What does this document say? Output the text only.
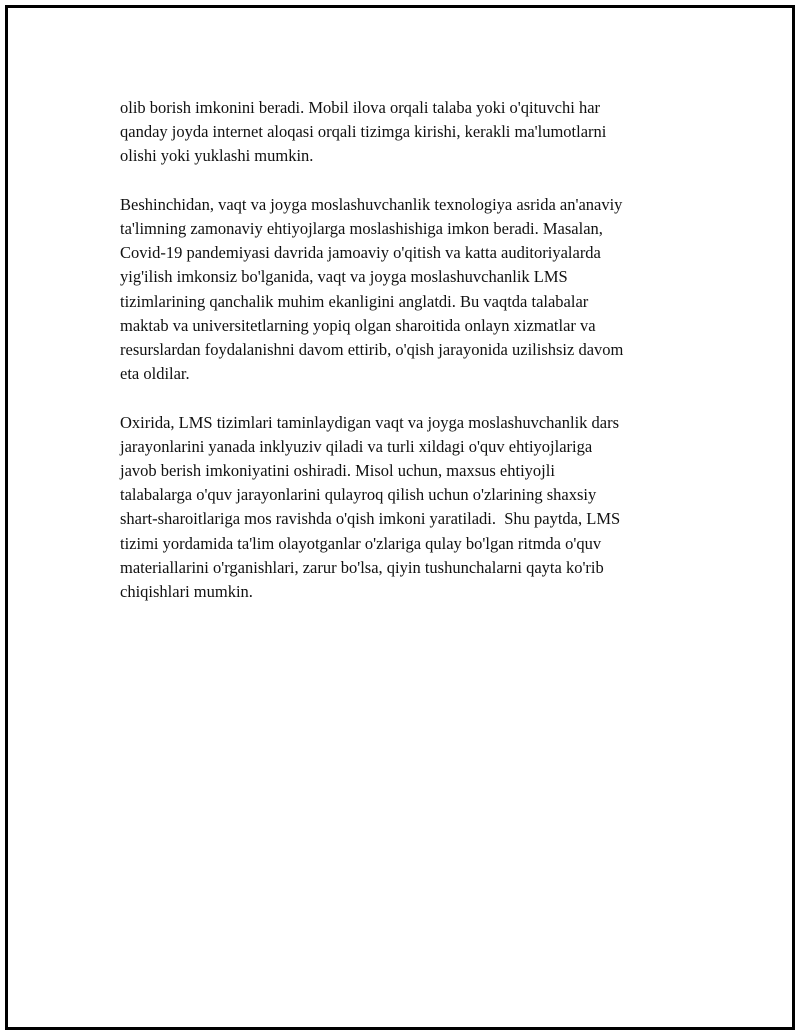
olib borish imkonini beradi. Mobil ilova orqali talaba yoki o'qituvchi har
qanday joyda internet aloqasi orqali tizimga kirishi, kerakli ma'lumotlarni
olishi yoki yuklashi mumkin.

Beshinchidan, vaqt va joyga moslashuvchanlik texnologiya asrida an'anaviy
ta'limning zamonaviy ehtiyojlarga moslashishiga imkon beradi. Masalan,
Covid-19 pandemiyasi davrida jamoaviy o'qitish va katta auditoriyalarda
yig'ilish imkonsiz bo'lganida, vaqt va joyga moslashuvchanlik LMS
tizimlarining qanchalik muhim ekanligini anglatdi. Bu vaqtda talabalar
maktab va universitetlarning yopiq olgan sharoitida onlayn xizmatlar va
resurslardan foydalanishni davom ettirib, o'qish jarayonida uzilishsiz davom
eta oldilar.

Oxirida, LMS tizimlari taminlaydigan vaqt va joyga moslashuvchanlik dars
jarayonlarini yanada inklyuziv qiladi va turli xildagi o'quv ehtiyojlariga
javob berish imkoniyatini oshiradi. Misol uchun, maxsus ehtiyojli
talabalarga o'quv jarayonlarini qulayroq qilish uchun o'zlarining shaxsiy
shart-sharoitlariga mos ravishda o'qish imkoni yaratiladi.  Shu paytda, LMS
tizimi yordamida ta'lim olayotganlar o'zlariga qulay bo'lgan ritmda o'quv
materiallarini o'rganishlari, zarur bo'lsa, qiyin tushunchalarni qayta ko'rib
chiqishlari mumkin.
